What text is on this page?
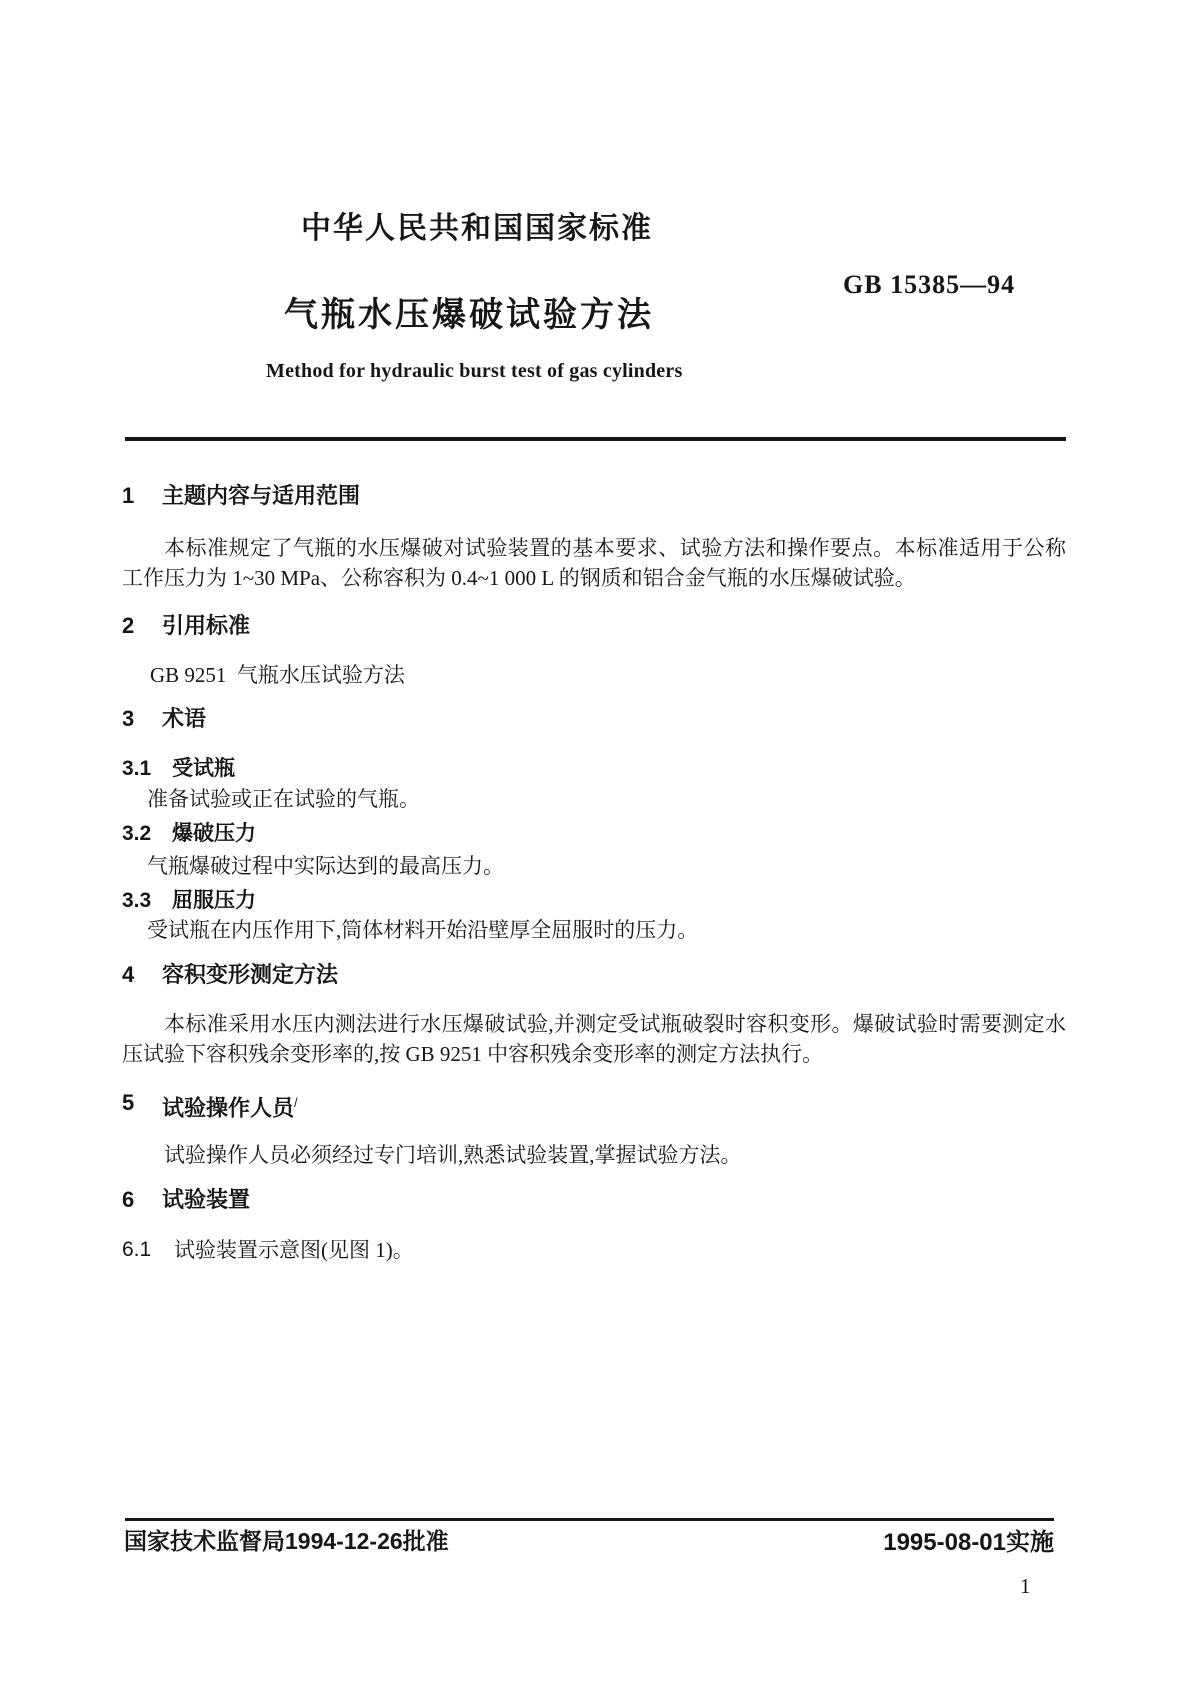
中华人民共和国国家标准
GB 15385—94
气瓶水压爆破试验方法
Method for hydraulic burst test of gas cylinders
1	主题内容与适用范围

本标准规定了气瓶的水压爆破对试验装置的基本要求、试验方法和操作要点。本标准适用于公称工作压力为 1~30 MPa、公称容积为 0.4~1 000 L 的钢质和铝合金气瓶的水压爆破试验。

2	引用标准

GB 9251  气瓶水压试验方法

3	术语
3.1 受试瓶

准备试验或正在试验的气瓶。

3.2 爆破压力

气瓶爆破过程中实际达到的最高压力。

3.3 屈服压力

受试瓶在内压作用下,筒体材料开始沿壁厚全屈服时的压力。

4	容积变形测定方法

本标准采用水压内测法进行水压爆破试验,并测定受试瓶破裂时容积变形。爆破试验时需要测定水压试验下容积残余变形率的,按 GB 9251 中容积残余变形率的测定方法执行。

5	试验操作人员/

试验操作人员必须经过专门培训,熟悉试验装置,掌握试验方法。

6	试验装置
6.1	试验装置示意图(见图 1)。
国家技术监督局1994-12-26批准	1995-08-01实施
1
